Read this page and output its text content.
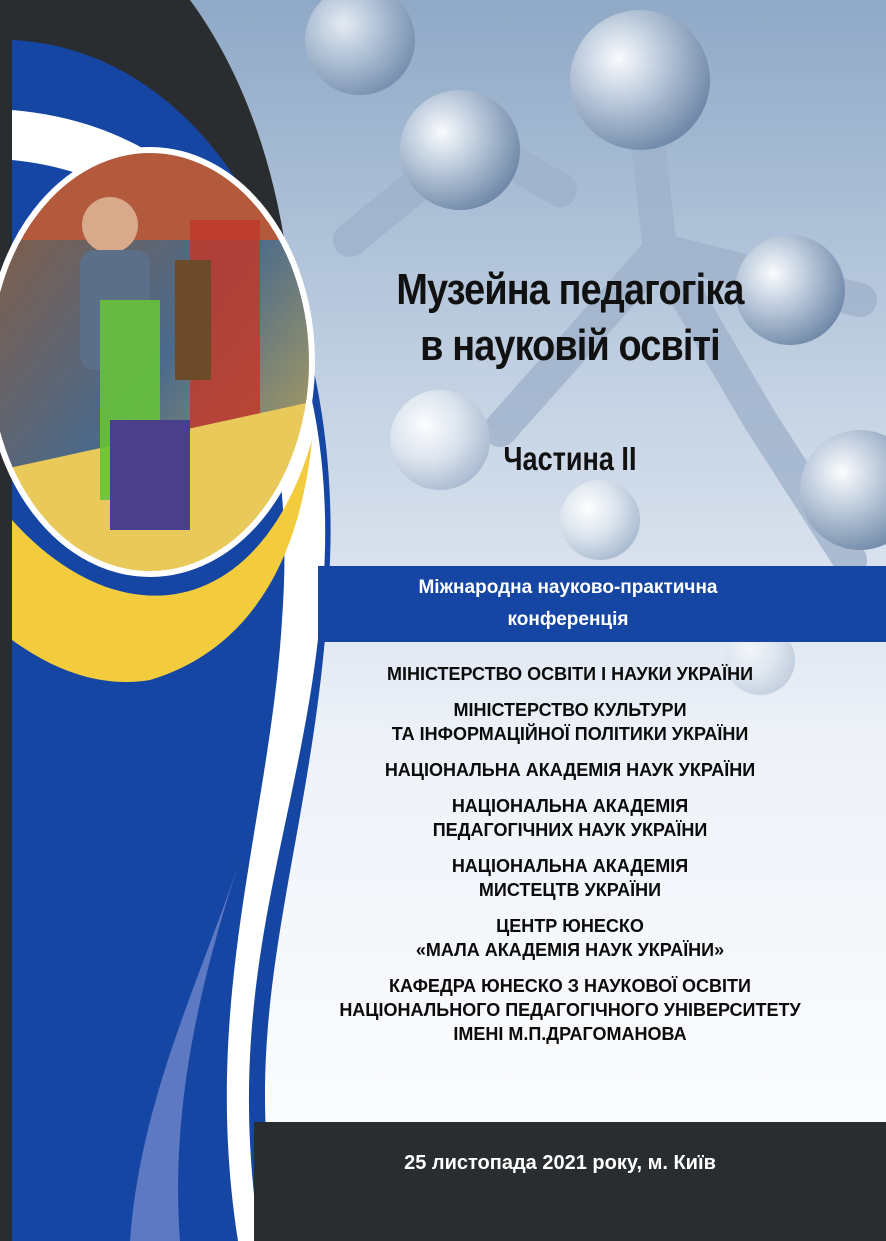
Музейна педагогіка
в науковій освіті
Частина ІІ
Міжнародна науково-практична
конференція
МІНІСТЕРСТВО ОСВІТИ І НАУКИ УКРАЇНИ
МІНІСТЕРСТВО КУЛЬТУРИ
ТА ІНФОРМАЦІЙНОЇ ПОЛІТИКИ УКРАЇНИ
НАЦІОНАЛЬНА АКАДЕМІЯ НАУК УКРАЇНИ
НАЦІОНАЛЬНА АКАДЕМІЯ
ПЕДАГОГІЧНИХ НАУК УКРАЇНИ
НАЦІОНАЛЬНА АКАДЕМІЯ
МИСТЕЦТВ УКРАЇНИ
ЦЕНТР ЮНЕСКО
«МАЛА АКАДЕМІЯ НАУК УКРАЇНИ»
КАФЕДРА ЮНЕСКО З НАУКОВОЇ ОСВІТИ
НАЦІОНАЛЬНОГО ПЕДАГОГІЧНОГО УНІВЕРСИТЕТУ
ІМЕНІ М.П.ДРАГОМАНОВА
25 листопада 2021 року, м. Київ
